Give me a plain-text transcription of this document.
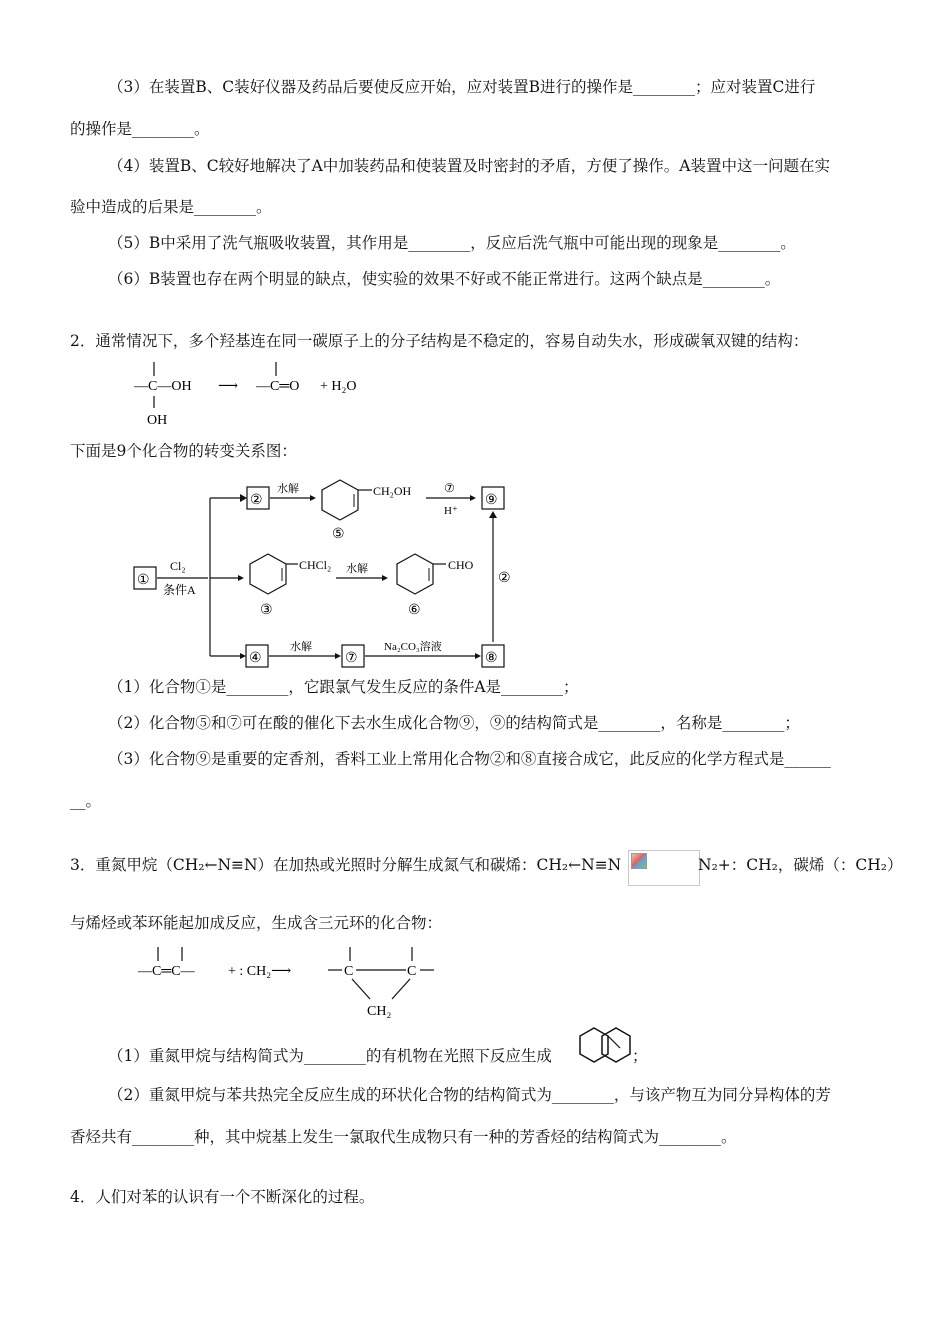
（3）在装置B、C装好仪器及药品后要使反应开始，应对装置B进行的操作是________；应对装置C进行
的操作是________。
（4）装置B、C较好地解决了A中加装药品和使装置及时密封的矛盾，方便了操作。A装置中这一问题在实
验中造成的后果是________。
（5）B中采用了洗气瓶吸收装置，其作用是________，反应后洗气瓶中可能出现的现象是________。
（6）B装置也存在两个明显的缺点，使实验的效果不好或不能正常进行。这两个缺点是________。
2．通常情况下，多个羟基连在同一碳原子上的分子结构是不稳定的，容易自动失水，形成碳氧双键的结构：
—C—OH
OH
⟶ —C═O + H₂O
下面是9个化合物的转变关系图：
①
Cl₂
条件A
②
水解	CH₂OH
⑤
⑦
H⁺
⑨
CHCl₂
③
水解	CHO
⑥
②
④
水解
⑦
Na₂CO₃溶液
⑧
（1）化合物①是________，它跟氯气发生反应的条件A是________；
（2）化合物⑤和⑦可在酸的催化下去水生成化合物⑨，⑨的结构简式是________，名称是________；
（3）化合物⑨是重要的定香剂，香料工业上常用化合物②和⑧直接合成它，此反应的化学方程式是______
__。
3．重氮甲烷（CH₂←N≡N）在加热或光照时分解生成氮气和碳烯：CH₂←N≡N	N₂+：CH₂，碳烯（：CH₂）
与烯烃或苯环能起加成反应，生成含三元环的化合物：
—C═C— + : CH₂⟶	C	C
CH₂
（1）重氮甲烷与结构简式为________的有机物在光照下反应生成	；
（2）重氮甲烷与苯共热完全反应生成的环状化合物的结构简式为________，与该产物互为同分异构体的芳
香烃共有________种，其中烷基上发生一氯取代生成物只有一种的芳香烃的结构简式为________。
4．人们对苯的认识有一个不断深化的过程。
